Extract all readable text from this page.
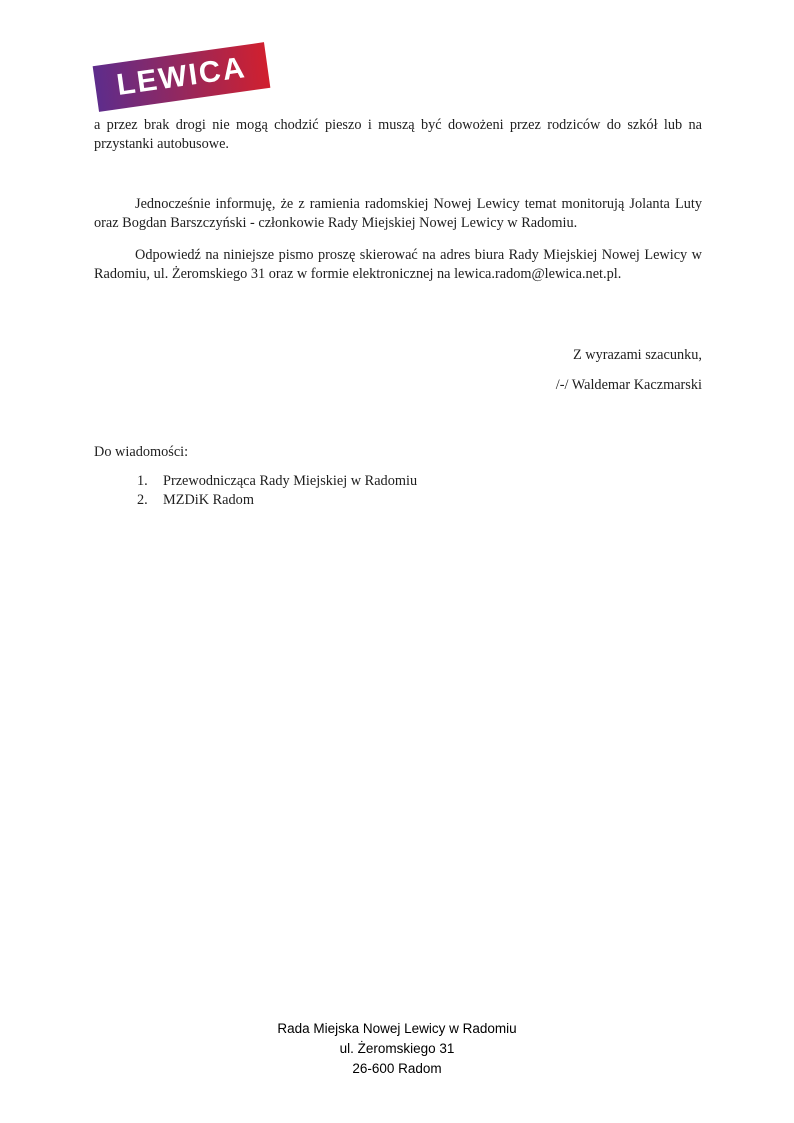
LEWICA

a przez brak drogi nie mogą chodzić pieszo i muszą być dowożeni przez rodziców do szkół lub na przystanki autobusowe.

Jednocześnie informuję, że z ramienia radomskiej Nowej Lewicy temat monitorują Jolanta Luty oraz Bogdan Barszczyński - członkowie Rady Miejskiej Nowej Lewicy w Radomiu.

Odpowiedź na niniejsze pismo proszę skierować na adres biura Rady Miejskiej Nowej Lewicy w Radomiu, ul. Żeromskiego 31 oraz w formie elektronicznej na lewica.radom@lewica.net.pl.

Z wyrazami szacunku,

/-/ Waldemar Kaczmarski

Do wiadomości:

1.	Przewodnicząca Rady Miejskiej w Radomiu
2.	MZDiK Radom
Rada Miejska Nowej Lewicy w Radomiu
ul. Żeromskiego 31
26-600 Radom
